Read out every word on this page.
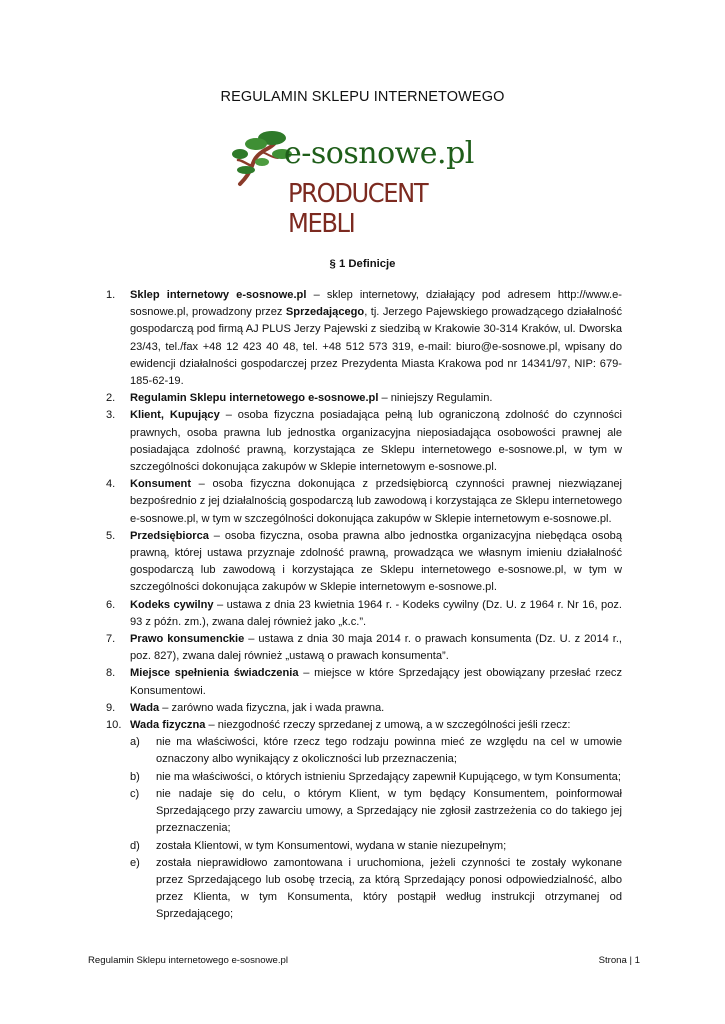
REGULAMIN SKLEPU INTERNETOWEGO
e-sosnowe.pl
PRODUCENT MEBLI
§ 1 Definicje
1. Sklep internetowy e-sosnowe.pl – sklep internetowy, działający pod adresem http://www.e-sosnowe.pl, prowadzony przez Sprzedającego, tj. Jerzego Pajewskiego prowadzącego działalność gospodarczą pod firmą AJ PLUS Jerzy Pajewski z siedzibą w Krakowie 30-314 Kraków, ul. Dworska 23/43, tel./fax +48 12 423 40 48, tel. +48 512 573 319, e-mail: biuro@e-sosnowe.pl, wpisany do ewidencji działalności gospodarczej przez Prezydenta Miasta Krakowa pod nr 14341/97, NIP: 679-185-62-19.
2. Regulamin Sklepu internetowego e-sosnowe.pl – niniejszy Regulamin.
3. Klient, Kupujący – osoba fizyczna posiadająca pełną lub ograniczoną zdolność do czynności prawnych, osoba prawna lub jednostka organizacyjna nieposiadająca osobowości prawnej ale posiadająca zdolność prawną, korzystająca ze Sklepu internetowego e-sosnowe.pl, w tym w szczególności dokonująca zakupów w Sklepie internetowym e-sosnowe.pl.
4. Konsument – osoba fizyczna dokonująca z przedsiębiorcą czynności prawnej niezwiązanej bezpośrednio z jej działalnością gospodarczą lub zawodową i korzystająca ze Sklepu internetowego e-sosnowe.pl, w tym w szczególności dokonująca zakupów w Sklepie internetowym e-sosnowe.pl.
5. Przedsiębiorca – osoba fizyczna, osoba prawna albo jednostka organizacyjna niebędąca osobą prawną, której ustawa przyznaje zdolność prawną, prowadząca we własnym imieniu działalność gospodarczą lub zawodową i korzystająca ze Sklepu internetowego e-sosnowe.pl, w tym w szczególności dokonująca zakupów w Sklepie internetowym e-sosnowe.pl.
6. Kodeks cywilny – ustawa z dnia 23 kwietnia 1964 r. - Kodeks cywilny (Dz. U. z 1964 r. Nr 16, poz. 93 z późn. zm.), zwana dalej również jako „k.c.”.
7. Prawo konsumenckie – ustawa z dnia 30 maja 2014 r. o prawach konsumenta (Dz. U. z 2014 r., poz. 827), zwana dalej również „ustawą o prawach konsumenta”.
8. Miejsce spełnienia świadczenia – miejsce w które Sprzedający jest obowiązany przesłać rzecz Konsumentowi.
9. Wada – zarówno wada fizyczna, jak i wada prawna.
10. Wada fizyczna – niezgodność rzeczy sprzedanej z umową, a w szczególności jeśli rzecz:
a) nie ma właściwości, które rzecz tego rodzaju powinna mieć ze względu na cel w umowie oznaczony albo wynikający z okoliczności lub przeznaczenia;
b) nie ma właściwości, o których istnieniu Sprzedający zapewnił Kupującego, w tym Konsumenta;
c) nie nadaje się do celu, o którym Klient, w tym będący Konsumentem, poinformował Sprzedającego przy zawarciu umowy, a Sprzedający nie zgłosił zastrzeżenia co do takiego jej przeznaczenia;
d) została Klientowi, w tym Konsumentowi, wydana w stanie niezupełnym;
e) została nieprawidłowo zamontowana i uruchomiona, jeżeli czynności te zostały wykonane przez Sprzedającego lub osobę trzecią, za którą Sprzedający ponosi odpowiedzialność, albo przez Klienta, w tym Konsumenta, który postąpił według instrukcji otrzymanej od Sprzedającego;
Regulamin Sklepu internetowego e-sosnowe.pl	Strona | 1
